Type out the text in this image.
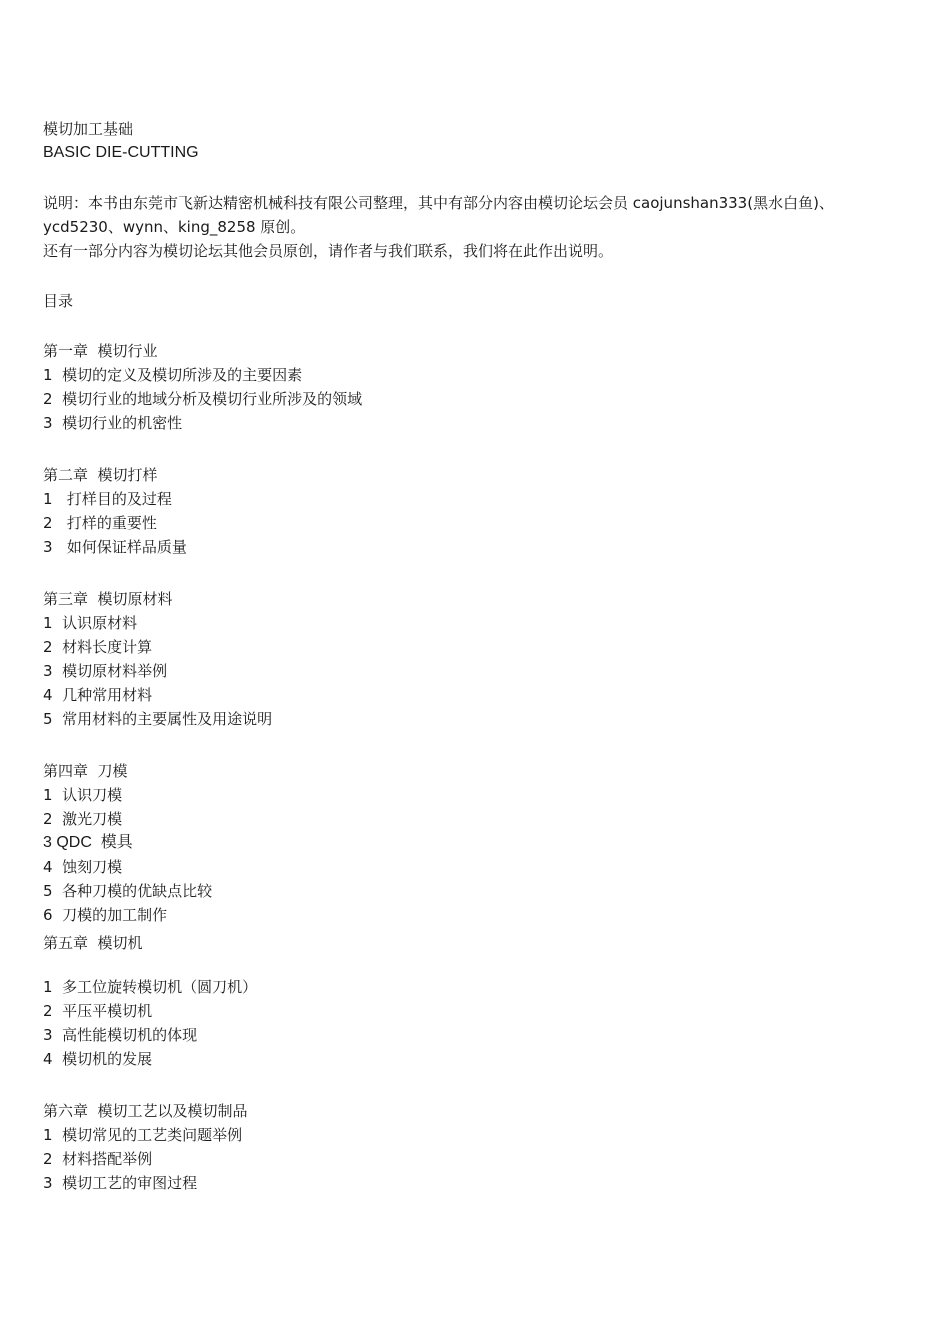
模切加工基础
BASIC DIE-CUTTING
说明：本书由东莞市飞新达精密机械科技有限公司整理，其中有部分内容由模切论坛会员 caojunshan333(黑水白鱼)、
ycd5230、wynn、king_8258 原创。
还有一部分内容为模切论坛其他会员原创，请作者与我们联系，我们将在此作出说明。
目录
第一章  模切行业
1  模切的定义及模切所涉及的主要因素
2  模切行业的地域分析及模切行业所涉及的领域
3  模切行业的机密性
第二章  模切打样
1   打样目的及过程
2   打样的重要性
3   如何保证样品质量
第三章  模切原材料
1  认识原材料
2  材料长度计算
3  模切原材料举例
4  几种常用材料
5  常用材料的主要属性及用途说明
第四章  刀模
1  认识刀模
2  激光刀模
3 QDC  模具
4  蚀刻刀模
5  各种刀模的优缺点比较
6  刀模的加工制作
第五章  模切机
1  多工位旋转模切机（圆刀机）
2  平压平模切机
3  高性能模切机的体现
4  模切机的发展
第六章  模切工艺以及模切制品
1  模切常见的工艺类问题举例
2  材料搭配举例
3  模切工艺的审图过程
